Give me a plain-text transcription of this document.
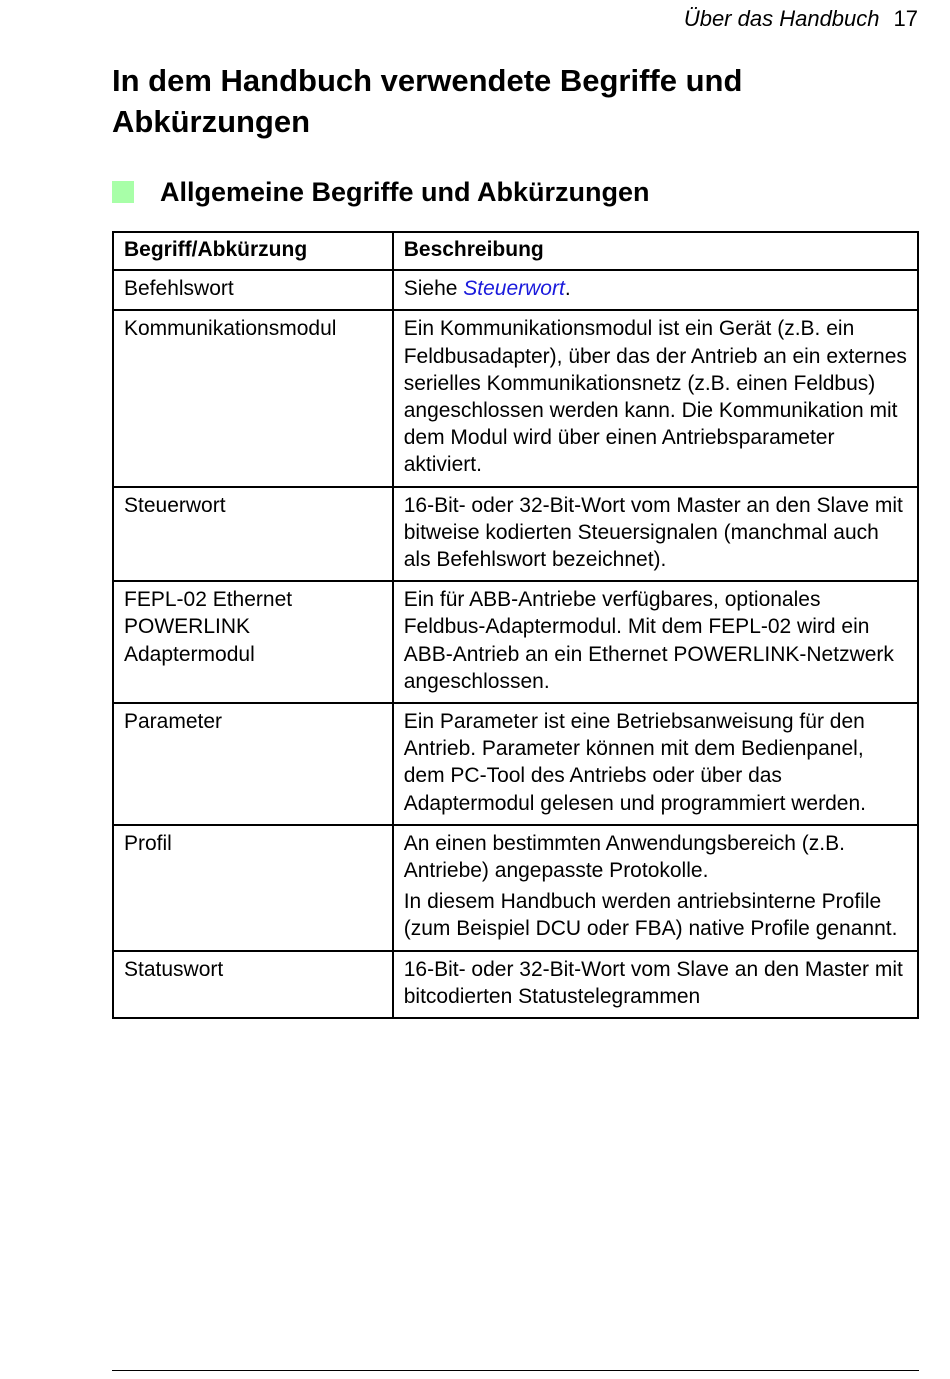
Über das Handbuch 17
In dem Handbuch verwendete Begriffe und Abkürzungen
Allgemeine Begriffe und Abkürzungen
Begriff/Abkürzung	Beschreibung
Befehlswort	Siehe Steuerwort.

Kommunikationsmodul	Ein Kommunikationsmodul ist ein Gerät (z.B. ein Feldbusadapter), über das der Antrieb an ein externes serielles Kommunikationsnetz (z.B. einen Feldbus) angeschlossen werden kann. Die Kommunikation mit dem Modul wird über einen Antriebsparameter aktiviert.

Steuerwort	16-Bit- oder 32-Bit-Wort vom Master an den Slave mit bitweise kodierten Steuersignalen (manchmal auch als Befehlswort bezeichnet).

FEPL-02 Ethernet POWERLINK Adaptermodul	Ein für ABB-Antriebe verfügbares, optionales Feldbus-Adaptermodul. Mit dem FEPL-02 wird ein ABB-Antrieb an ein Ethernet POWERLINK-Netzwerk angeschlossen.

Parameter	Ein Parameter ist eine Betriebsanweisung für den Antrieb. Parameter können mit dem Bedienpanel, dem PC-Tool des Antriebs oder über das Adaptermodul gelesen und programmiert werden.

Profil	An einen bestimmten Anwendungsbereich (z.B. Antriebe) angepasste Protokolle.
In diesem Handbuch werden antriebsinterne Profile (zum Beispiel DCU oder FBA) native Profile genannt.

Statuswort	16-Bit- oder 32-Bit-Wort vom Slave an den Master mit bitcodierten Statustelegrammen
